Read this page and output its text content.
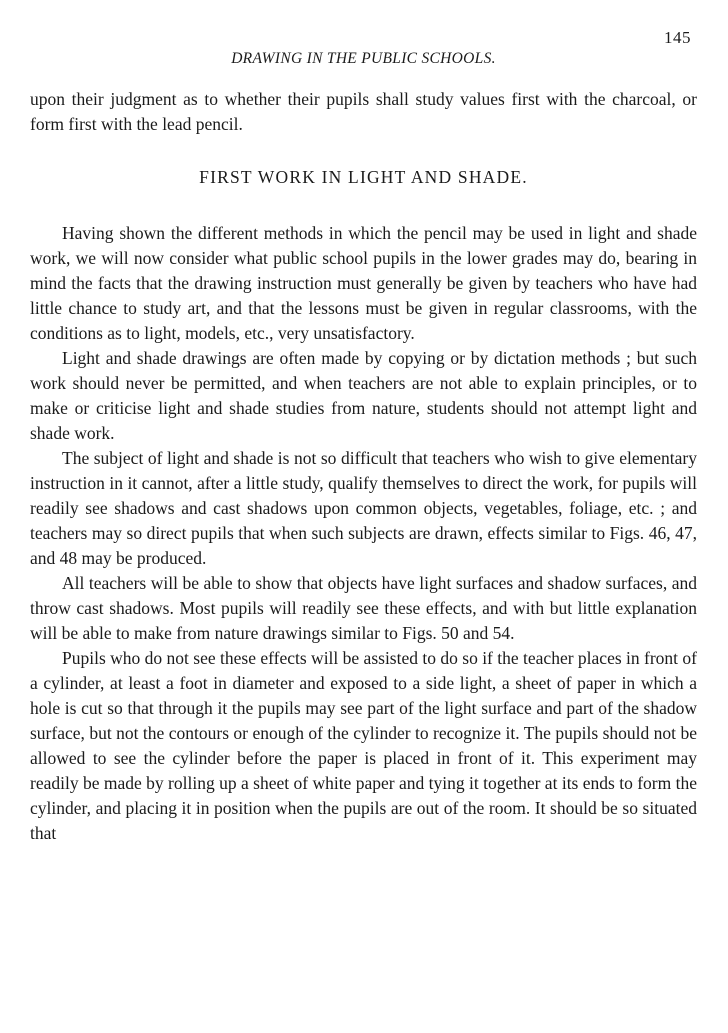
145
DRAWING IN THE PUBLIC SCHOOLS.

upon their judgment as to whether their pupils shall study values first with the charcoal, or form first with the lead pencil.

FIRST WORK IN LIGHT AND SHADE.

Having shown the different methods in which the pencil may be used in light and shade work, we will now consider what public school pupils in the lower grades may do, bearing in mind the facts that the drawing instruction must generally be given by teachers who have had little chance to study art, and that the lessons must be given in regular classrooms, with the conditions as to light, models, etc., very unsatisfactory.

Light and shade drawings are often made by copying or by dictation methods ; but such work should never be permitted, and when teachers are not able to explain principles, or to make or criticise light and shade studies from nature, students should not attempt light and shade work.

The subject of light and shade is not so difficult that teachers who wish to give elementary instruction in it cannot, after a little study, qualify themselves to direct the work, for pupils will readily see shadows and cast shadows upon common objects, vegetables, foliage, etc. ; and teachers may so direct pupils that when such subjects are drawn, effects similar to Figs. 46, 47, and 48 may be produced.

All teachers will be able to show that objects have light surfaces and shadow surfaces, and throw cast shadows. Most pupils will readily see these effects, and with but little explanation will be able to make from nature drawings similar to Figs. 50 and 54.

Pupils who do not see these effects will be assisted to do so if the teacher places in front of a cylinder, at least a foot in diameter and exposed to a side light, a sheet of paper in which a hole is cut so that through it the pupils may see part of the light surface and part of the shadow surface, but not the contours or enough of the cylinder to recognize it. The pupils should not be allowed to see the cylinder before the paper is placed in front of it. This experiment may readily be made by rolling up a sheet of white paper and tying it together at its ends to form the cylinder, and placing it in position when the pupils are out of the room. It should be so situated that
